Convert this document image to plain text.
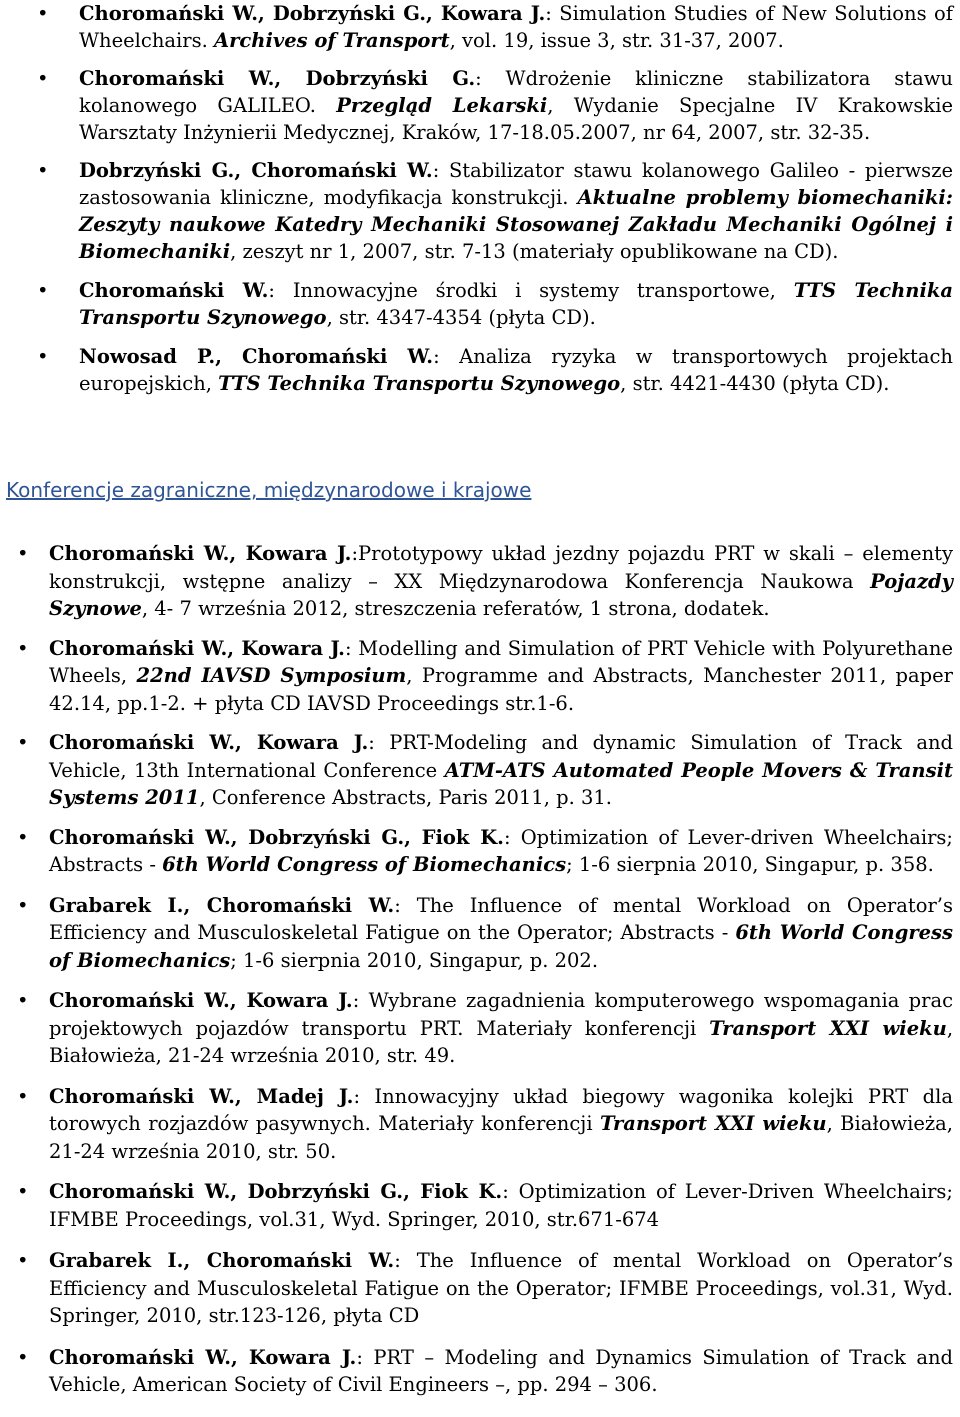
• Choromański W., Dobrzyński G., Kowara J.: Simulation Studies of New Solutions of Wheelchairs. Archives of Transport, vol. 19, issue 3, str. 31-37, 2007.
• Choromański W., Dobrzyński G.: Wdrożenie kliniczne stabilizatora stawu kolanowego GALILEO. Przegląd Lekarski, Wydanie Specjalne IV Krakowskie Warsztaty Inżynierii Medycznej, Kraków, 17-18.05.2007, nr 64, 2007, str. 32-35.
• Dobrzyński G., Choromański W.: Stabilizator stawu kolanowego Galileo - pierwsze zastosowania kliniczne, modyfikacja konstrukcji. Aktualne problemy biomechaniki: Zeszyty naukowe Katedry Mechaniki Stosowanej Zakładu Mechaniki Ogólnej i Biomechaniki, zeszyt nr 1, 2007, str. 7-13 (materiały opublikowane na CD).
• Choromański W.: Innowacyjne środki i systemy transportowe, TTS Technika Transportu Szynowego, str. 4347-4354 (płyta CD).
• Nowosad P., Choromański W.: Analiza ryzyka w transportowych projektach europejskich, TTS Technika Transportu Szynowego, str. 4421-4430 (płyta CD).
Konferencje zagraniczne, międzynarodowe i krajowe
• Choromański W., Kowara J.:Prototypowy układ jezdny pojazdu PRT w skali – elementy konstrukcji, wstępne analizy – XX Międzynarodowa Konferencja Naukowa Pojazdy Szynowe, 4- 7 września 2012, streszczenia referatów, 1 strona, dodatek.
• Choromański W., Kowara J.: Modelling and Simulation of PRT Vehicle with Polyurethane Wheels, 22nd IAVSD Symposium, Programme and Abstracts, Manchester 2011, paper 42.14, pp.1-2. + płyta CD IAVSD Proceedings str.1-6.
• Choromański W., Kowara J.: PRT-Modeling and dynamic Simulation of Track and Vehicle, 13th International Conference ATM-ATS Automated People Movers & Transit Systems 2011, Conference Abstracts, Paris 2011, p. 31.
• Choromański W., Dobrzyński G., Fiok K.: Optimization of Lever-driven Wheelchairs; Abstracts - 6th World Congress of Biomechanics; 1-6 sierpnia 2010, Singapur, p. 358.
• Grabarek I., Choromański W.: The Influence of mental Workload on Operator’s Efficiency and Musculoskeletal Fatigue on the Operator; Abstracts - 6th World Congress of Biomechanics; 1-6 sierpnia 2010, Singapur, p. 202.
• Choromański W., Kowara J.: Wybrane zagadnienia komputerowego wspomagania prac projektowych pojazdów transportu PRT. Materiały konferencji Transport XXI wieku, Białowieża, 21-24 września 2010, str. 49.
• Choromański W., Madej J.: Innowacyjny układ biegowy wagonika kolejki PRT dla torowych rozjazdów pasywnych. Materiały konferencji Transport XXI wieku, Białowieża, 21-24 września 2010, str. 50.
• Choromański W., Dobrzyński G., Fiok K.: Optimization of Lever-Driven Wheelchairs; IFMBE Proceedings, vol.31, Wyd. Springer, 2010, str.671-674
• Grabarek I., Choromański W.: The Influence of mental Workload on Operator’s Efficiency and Musculoskeletal Fatigue on the Operator; IFMBE Proceedings, vol.31, Wyd. Springer, 2010, str.123-126, płyta CD
• Choromański W., Kowara J.: PRT – Modeling and Dynamics Simulation of Track and Vehicle, American Society of Civil Engineers –, pp. 294 – 306.
